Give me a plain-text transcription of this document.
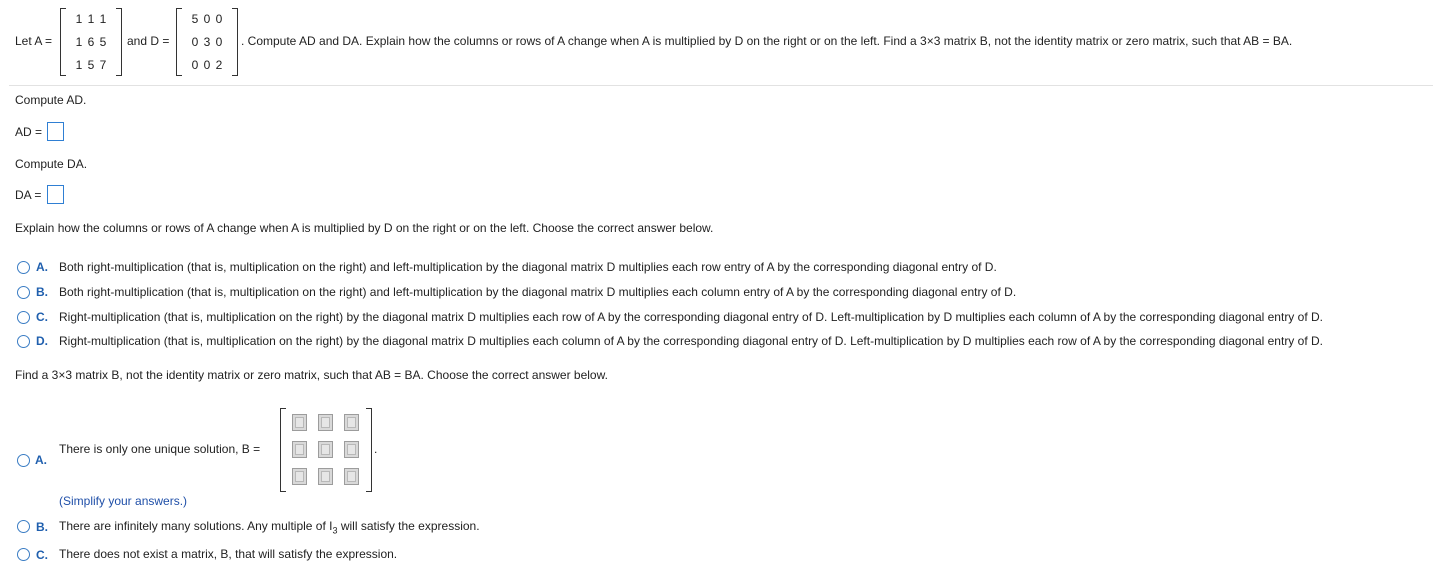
Let A =
1 1 1
1 6 5
1 5 7
and D =
5 0 0
0 3 0
0 0 2
. Compute AD and DA. Explain how the columns or rows of A change when A is multiplied by D on the right or on the left. Find a 3×3 matrix B, not the identity matrix or zero matrix, such that AB = BA.
Compute AD.
AD =
Compute DA.
DA =
Explain how the columns or rows of A change when A is multiplied by D on the right or on the left. Choose the correct answer below.
A. Both right-multiplication (that is, multiplication on the right) and left-multiplication by the diagonal matrix D multiplies each row entry of A by the corresponding diagonal entry of D.
B. Both right-multiplication (that is, multiplication on the right) and left-multiplication by the diagonal matrix D multiplies each column entry of A by the corresponding diagonal entry of D.
C. Right-multiplication (that is, multiplication on the right) by the diagonal matrix D multiplies each row of A by the corresponding diagonal entry of D. Left-multiplication by D multiplies each column of A by the corresponding diagonal entry of D.
D. Right-multiplication (that is, multiplication on the right) by the diagonal matrix D multiplies each column of A by the corresponding diagonal entry of D. Left-multiplication by D multiplies each row of A by the corresponding diagonal entry of D.
Find a 3×3 matrix B, not the identity matrix or zero matrix, such that AB = BA. Choose the correct answer below.
A.
There is only one unique solution, B =	.
(Simplify your answers.)
B. There are infinitely many solutions. Any multiple of $I_3$ will satisfy the expression.
C. There does not exist a matrix, B, that will satisfy the expression.
